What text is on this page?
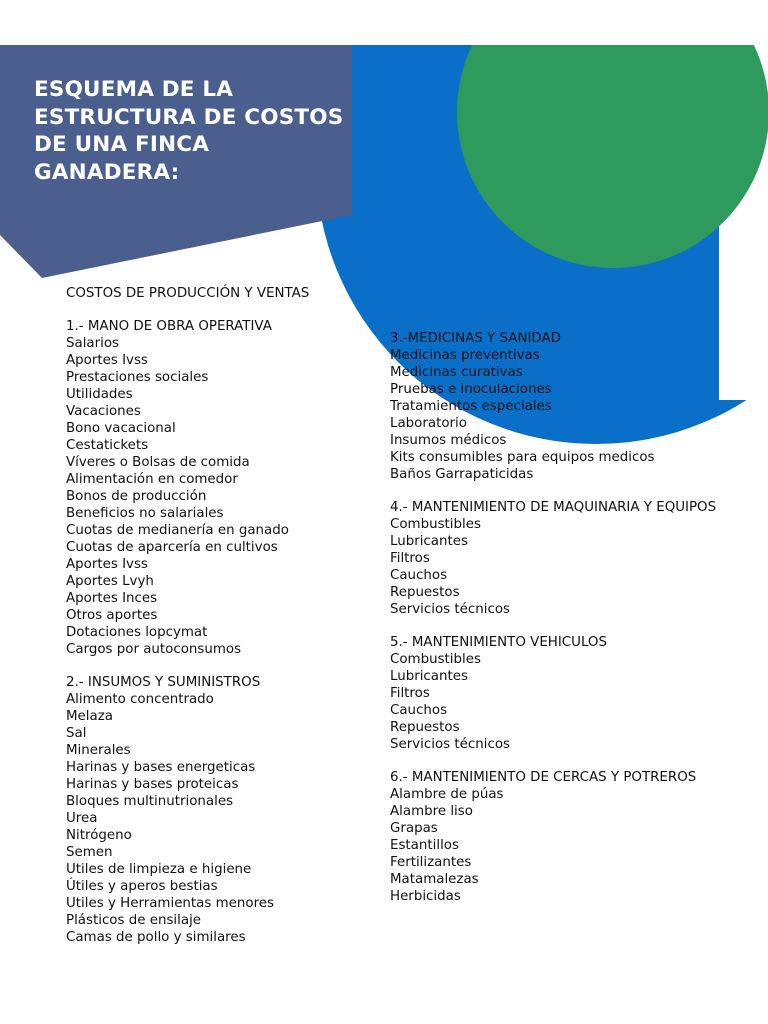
ESQUEMA DE LA
ESTRUCTURA DE COSTOS
DE UNA FINCA
GANADERA:
COSTOS DE PRODUCCIÓN Y VENTAS
1.- MANO DE OBRA OPERATIVA
Salarios
Aportes Ivss
Prestaciones sociales
Utilidades
Vacaciones
Bono vacacional
Cestatickets
Víveres o Bolsas de comida
Alimentación en comedor
Bonos de producción
Beneficios no salariales
Cuotas de medianería en ganado
Cuotas de aparcería en cultivos
Aportes Ivss
Aportes Lvyh
Aportes Inces
Otros aportes
Dotaciones lopcymat
Cargos por autoconsumos
2.- INSUMOS Y SUMINISTROS
Alimento concentrado
Melaza
Sal
Minerales
Harinas y bases energeticas
Harinas y bases proteicas
Bloques multinutrionales
Urea
Nitrógeno
Semen
Utiles de limpieza e higiene
Útiles y aperos bestias
Utiles y Herramientas menores
Plásticos de ensilaje
Camas de pollo y similares
3.-MEDICINAS Y SANIDAD
Medicinas preventivas
Medicinas curativas
Pruebas e inoculaciones
Tratamientos especiales
Laboratorio
Insumos médicos
Kits consumibles para equipos medicos
Baños Garrapaticidas
4.- MANTENIMIENTO DE MAQUINARIA Y EQUIPOS
Combustibles
Lubricantes
Filtros
Cauchos
Repuestos
Servicios técnicos
5.- MANTENIMIENTO VEHICULOS
Combustibles
Lubricantes
Filtros
Cauchos
Repuestos
Servicios técnicos
6.- MANTENIMIENTO DE CERCAS Y POTREROS
Alambre de púas
Alambre liso
Grapas
Estantillos
Fertilizantes
Matamalezas
Herbicidas
